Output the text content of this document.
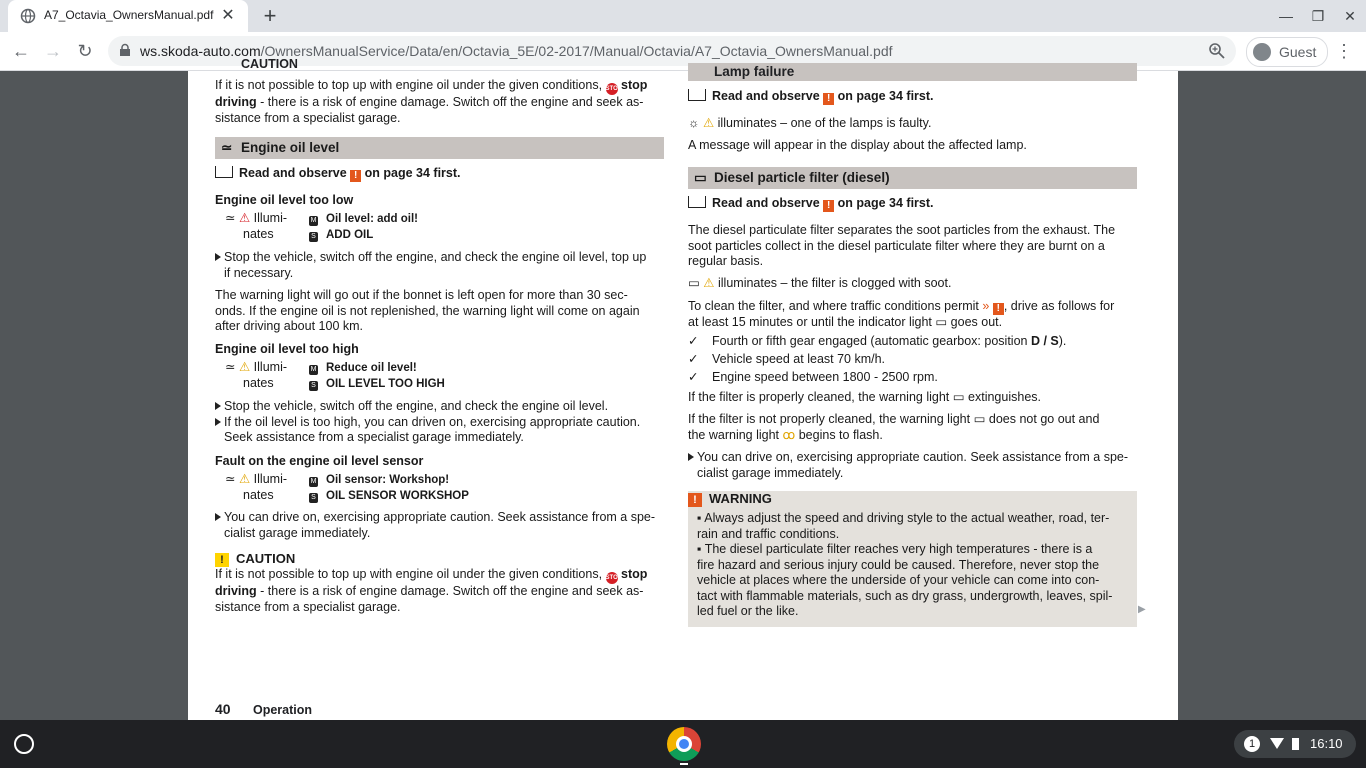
A7_Octavia_OwnersManual.pdf ✕ +	— ❐ ✕
← → ↻	ws.skoda-auto.com/OwnersManualService/Data/en/Octavia_5E/02-2017/Manual/Octavia/A7_Octavia_OwnersManual.pdf	Guest ⋮
CAUTION	Lamp failure
If it is not possible to top up with engine oil under the given conditions, STOP stop
driving - there is a risk of engine damage. Switch off the engine and seek as-
sistance from a specialist garage.
≃ Engine oil level
Read and observe ! on page 34 first.
Engine oil level too low
≃ ⚠ Illumi-	M Oil level: add oil!
nates	S ADD OIL
Stop the vehicle, switch off the engine, and check the engine oil level, top up
if necessary.
The warning light will go out if the bonnet is left open for more than 30 sec-
onds. If the engine oil is not replenished, the warning light will come on again
after driving about 100 km.
Engine oil level too high
≃ ⚠ Illumi-	M Reduce oil level!
nates	S OIL LEVEL TOO HIGH
Stop the vehicle, switch off the engine, and check the engine oil level.
If the oil level is too high, you can driven on, exercising appropriate caution.
Seek assistance from a specialist garage immediately.
Fault on the engine oil level sensor
≃ ⚠ Illumi-	M Oil sensor: Workshop!
nates	S OIL SENSOR WORKSHOP
You can drive on, exercising appropriate caution. Seek assistance from a spe-
cialist garage immediately.
! CAUTION
If it is not possible to top up with engine oil under the given conditions, STOP stop
driving - there is a risk of engine damage. Switch off the engine and seek as-
sistance from a specialist garage.
Read and observe ! on page 34 first.
☼ ⚠ illuminates – one of the lamps is faulty.
A message will appear in the display about the affected lamp.
▭ Diesel particle filter (diesel)
Read and observe ! on page 34 first.
The diesel particulate filter separates the soot particles from the exhaust. The
soot particles collect in the diesel particulate filter where they are burnt on a
regular basis.
▭ ⚠ illuminates – the filter is clogged with soot.
To clean the filter, and where traffic conditions permit » ! , drive as follows for
at least 15 minutes or until the indicator light ▭ goes out.
✓ Fourth or fifth gear engaged (automatic gearbox: position D / S).
✓ Vehicle speed at least 70 km/h.
✓ Engine speed between 1800 - 2500 rpm.
If the filter is properly cleaned, the warning light ▭ extinguishes.
If the filter is not properly cleaned, the warning light ▭ does not go out and
the warning light ꝏ begins to flash.
You can drive on, exercising appropriate caution. Seek assistance from a spe-
cialist garage immediately.
! WARNING
▪ Always adjust the speed and driving style to the actual weather, road, ter-
rain and traffic conditions.
▪ The diesel particulate filter reaches very high temperatures - there is a
fire hazard and serious injury could be caused. Therefore, never stop the
vehicle at places where the underside of your vehicle can come into con-
tact with flammable materials, such as dry grass, undergrowth, leaves, spil-
led fuel or the like.
40 Operation
▶
1	16:10
